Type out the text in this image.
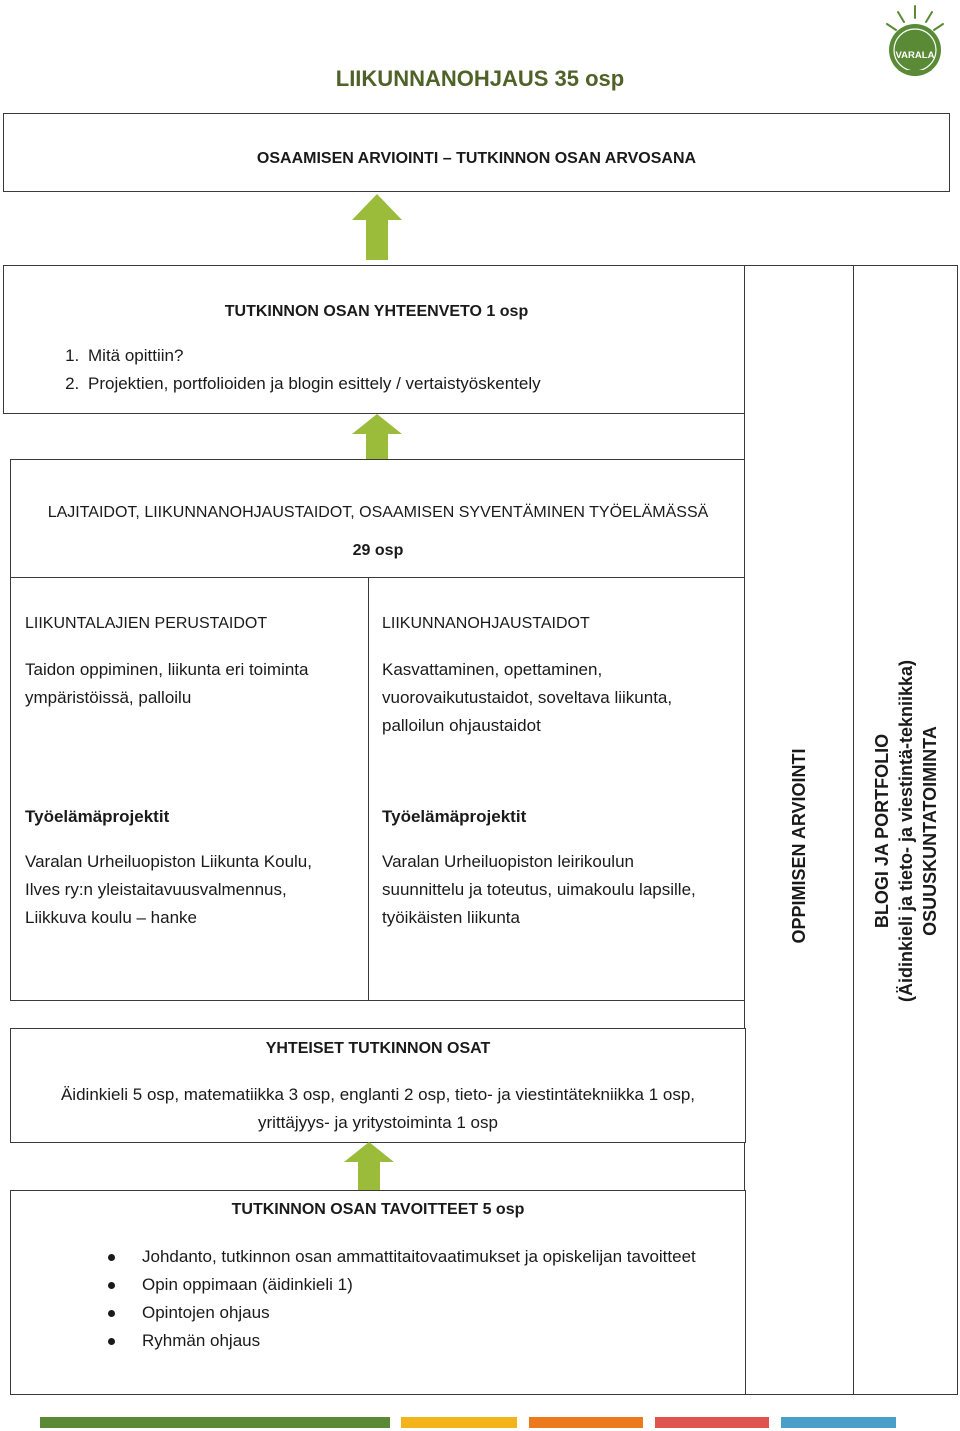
VARALA
LIIKUNNANOHJAUS 35 osp
OSAAMISEN ARVIOINTI – TUTKINNON OSAN ARVOSANA
TUTKINNON OSAN YHTEENVETO 1 osp
1. Mitä opittiin?
2. Projektien, portfolioiden ja blogin esittely / vertaistyöskentely
LAJITAIDOT, LIIKUNNANOHJAUSTAIDOT, OSAAMISEN SYVENTÄMINEN TYÖELÄMÄSSÄ
29 osp
LIIKUNTALAJIEN PERUSTAIDOT
Taidon oppiminen, liikunta eri toiminta
ympäristöissä, palloilu
Työelämäprojektit
Varalan Urheiluopiston Liikunta Koulu,
Ilves ry:n yleistaitavuusvalmennus,
Liikkuva koulu – hanke
LIIKUNNANOHJAUSTAIDOT
Kasvattaminen, opettaminen,
vuorovaikutustaidot, soveltava liikunta,
palloilun ohjaustaidot
Työelämäprojektit
Varalan Urheiluopiston leirikoulun
suunnittelu ja toteutus, uimakoulu lapsille,
työikäisten liikunta	OPPIMISEN ARVIOINTI	BLOGI JA PORTFOLIO (Äidinkieli ja tieto- ja viestintä-tekniikka) OSUUSKUNTATOIMINTA
YHTEISET TUTKINNON OSAT
Äidinkieli 5 osp, matematiikka 3 osp, englanti 2 osp, tieto- ja viestintätekniikka 1 osp,
yrittäjyys- ja yritystoiminta 1 osp
TUTKINNON OSAN TAVOITTEET 5 osp
Johdanto, tutkinnon osan ammattitaitovaatimukset ja opiskelijan tavoitteet
Opin oppimaan (äidinkieli 1)
Opintojen ohjaus
Ryhmän ohjaus
